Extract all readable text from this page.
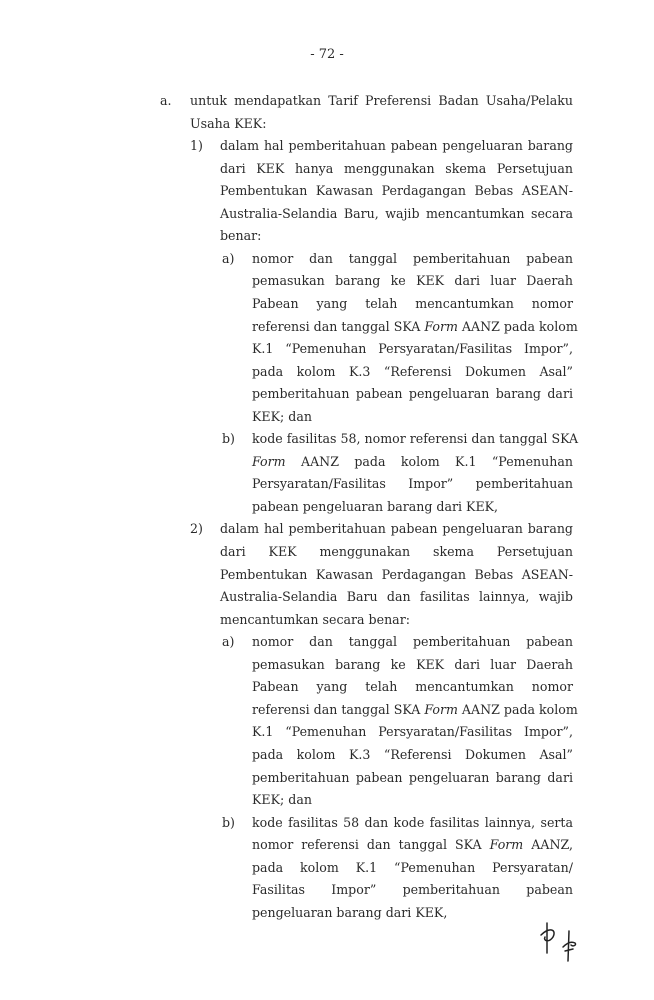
- 72 -
a. untuk mendapatkan Tarif Preferensi Badan Usaha/Pelaku
Usaha KEK:
1) dalam hal pemberitahuan pabean pengeluaran barang
dari KEK hanya menggunakan skema Persetujuan
Pembentukan Kawasan Perdagangan Bebas ASEAN-
Australia-Selandia Baru, wajib mencantumkan secara
benar:
a) nomor dan tanggal pemberitahuan pabean
pemasukan barang ke KEK dari luar Daerah
Pabean yang telah mencantumkan nomor
referensi dan tanggal SKA Form AANZ pada kolom
K.1 “Pemenuhan Persyaratan/Fasilitas Impor”,
pada kolom K.3 “Referensi Dokumen Asal”
pemberitahuan pabean pengeluaran barang dari
KEK; dan
b) kode fasilitas 58, nomor referensi dan tanggal SKA
Form AANZ pada kolom K.1 “Pemenuhan
Persyaratan/Fasilitas Impor” pemberitahuan
pabean pengeluaran barang dari KEK,
2) dalam hal pemberitahuan pabean pengeluaran barang
dari KEK menggunakan skema Persetujuan
Pembentukan Kawasan Perdagangan Bebas ASEAN-
Australia-Selandia Baru dan fasilitas lainnya, wajib
mencantumkan secara benar:
a) nomor dan tanggal pemberitahuan pabean
pemasukan barang ke KEK dari luar Daerah
Pabean yang telah mencantumkan nomor
referensi dan tanggal SKA Form AANZ pada kolom
K.1 “Pemenuhan Persyaratan/Fasilitas Impor”,
pada kolom K.3 “Referensi Dokumen Asal”
pemberitahuan pabean pengeluaran barang dari
KEK; dan
b) kode fasilitas 58 dan kode fasilitas lainnya, serta
nomor referensi dan tanggal SKA Form AANZ,
pada kolom K.1 “Pemenuhan Persyaratan/
Fasilitas Impor” pemberitahuan pabean
pengeluaran barang dari KEK,
